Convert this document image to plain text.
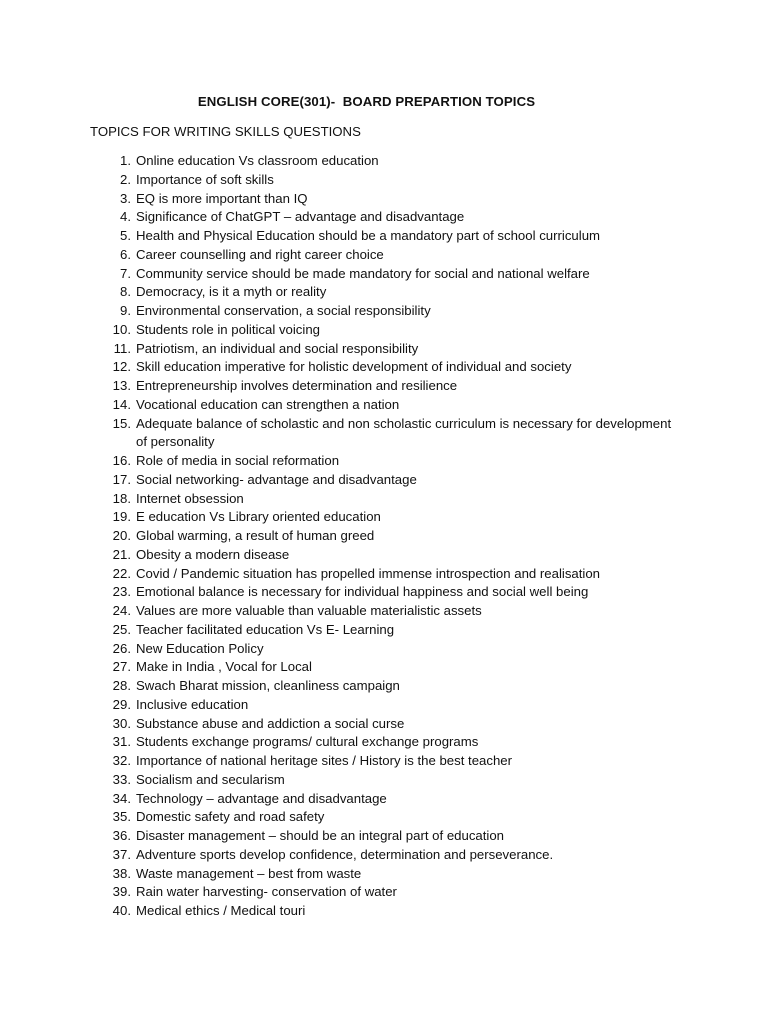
ENGLISH CORE(301)-  BOARD PREPARTION TOPICS
TOPICS FOR WRITING SKILLS QUESTIONS
1. Online education Vs classroom education
2. Importance of soft skills
3. EQ is more important than IQ
4. Significance of ChatGPT – advantage and disadvantage
5. Health and Physical Education should be a mandatory part of school curriculum
6. Career counselling and right career choice
7. Community service should be made mandatory for social and national welfare
8. Democracy, is it a myth or reality
9. Environmental conservation, a social responsibility
10. Students role in political voicing
11. Patriotism, an individual and social responsibility
12. Skill education imperative for holistic development of individual and society
13. Entrepreneurship involves determination and resilience
14. Vocational education can strengthen a nation
15. Adequate balance of scholastic and non scholastic curriculum is necessary for development of personality
16. Role of media in social reformation
17. Social networking- advantage and disadvantage
18. Internet obsession
19. E education Vs Library oriented education
20. Global warming, a result of human greed
21. Obesity a modern disease
22. Covid / Pandemic situation has propelled immense introspection and realisation
23. Emotional balance is necessary for individual happiness and social well being
24. Values are more valuable than valuable materialistic assets
25. Teacher facilitated education Vs E- Learning
26. New Education Policy
27. Make in India , Vocal for Local
28. Swach Bharat mission, cleanliness campaign
29. Inclusive education
30. Substance abuse and addiction a social curse
31. Students exchange programs/ cultural exchange programs
32. Importance of national heritage sites / History is the best teacher
33. Socialism and secularism
34. Technology – advantage and disadvantage
35. Domestic safety and road safety
36. Disaster management – should be an integral part of education
37. Adventure sports develop confidence, determination and perseverance.
38. Waste management – best from waste
39. Rain water harvesting- conservation of water
40. Medical ethics / Medical touri
